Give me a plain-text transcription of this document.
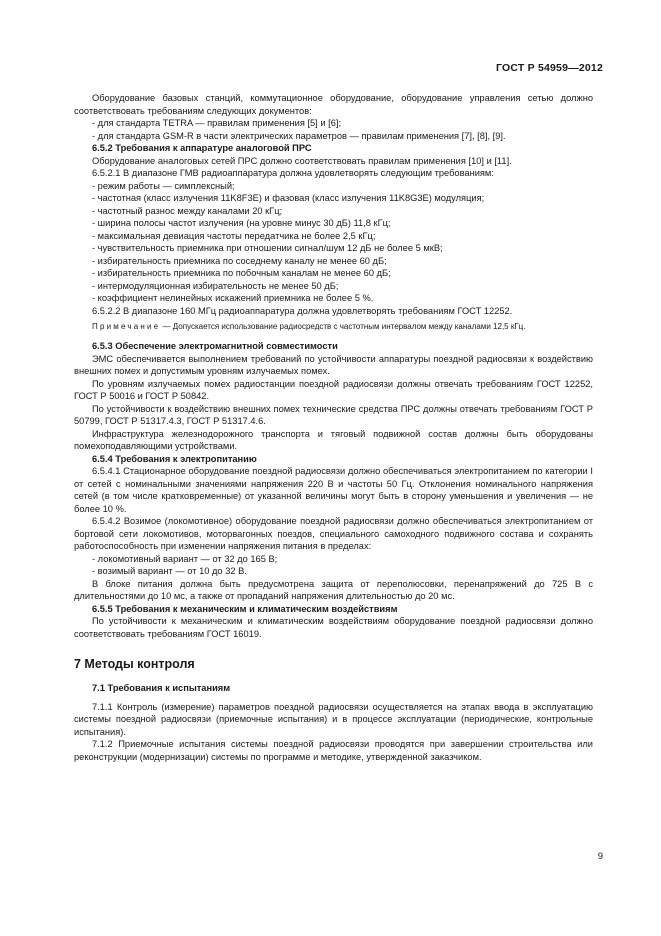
ГОСТ Р 54959—2012

Оборудование базовых станций, коммутационное оборудование, оборудование управления сетью должно соответствовать требованиям следующих документов:

- для стандарта TETRA — правилам применения [5] и [6];

- для стандарта GSM-R в части электрических параметров — правилам применения [7], [8], [9].

6.5.2 Требования к аппаратуре аналоговой ПРС

Оборудование аналоговых сетей ПРС должно соответствовать правилам применения [10] и [11].

6.5.2.1 В диапазоне ГМВ радиоаппаратура должна удовлетворять следующим требованиям:

- режим работы — симплексный;

- частотная (класс излучения 11K8F3E) и фазовая (класс излучения 11K8G3E) модуляция;

- частотный разнос между каналами 20 кГц;

- ширина полосы частот излучения (на уровне минус 30 дБ) 11,8 кГц;

- максимальная девиация частоты передатчика не более 2,5 кГц;

- чувствительность приемника при отношении сигнал/шум 12 дБ не более 5 мкВ;

- избирательность приемника по соседнему каналу не менее 60 дБ;

- избирательность приемника по побочным каналам не менее 60 дБ;

- интермодуляционная избирательность не менее 50 дБ;

- коэффициент нелинейных искажений приемника не более 5 %.

6.5.2.2 В диапазоне 160 МГц радиоаппаратура должна удовлетворять требованиям ГОСТ 12252.

Примечание — Допускается использование радиосредств с частотным интервалом между каналами 12,5 кГц.

6.5.3 Обеспечение электромагнитной совместимости

ЭМС обеспечивается выполнением требований по устойчивости аппаратуры поездной радиосвязи к воздействию внешних помех и допустимым уровням излучаемых помех.

По уровням излучаемых помех радиостанции поездной радиосвязи должны отвечать требованиям ГОСТ 12252, ГОСТ Р 50016 и ГОСТ Р 50842.

По устойчивости к воздействию внешних помех технические средства ПРС должны отвечать требованиям ГОСТ Р 50799, ГОСТ Р 51317.4.3, ГОСТ Р 51317.4.6.

Инфраструктура железнодорожного транспорта и тяговый подвижной состав должны быть оборудованы помехоподавляющими устройствами.

6.5.4 Требования к электропитанию

6.5.4.1 Стационарное оборудование поездной радиосвязи должно обеспечиваться электропитанием по категории I от сетей с номинальными значениями напряжения 220 В и частоты 50 Гц. Отклонения номинального напряжения сетей (в том числе кратковременные) от указанной величины могут быть в сторону уменьшения и увеличения — не более 10 %.

6.5.4.2 Возимое (локомотивное) оборудование поездной радиосвязи должно обеспечиваться электропитанием от бортовой сети локомотивов, моторвагонных поездов, специального самоходного подвижного состава и сохранять работоспособность при изменении напряжения питания в пределах:

- локомотивный вариант — от 32 до 165 В;

- возимый вариант — от 10 до 32 В.

В блоке питания должна быть предусмотрена защита от переполюсовки, перенапряжений до 725 В с длительностями до 10 мс, а также от пропаданий напряжения длительностью до 20 мс.

6.5.5 Требования к механическим и климатическим воздействиям

По устойчивости к механическим и климатическим воздействиям оборудование поездной радиосвязи должно соответствовать требованиям ГОСТ 16019.

7 Методы контроля

7.1 Требования к испытаниям

7.1.1 Контроль (измерение) параметров поездной радиосвязи осуществляется на этапах ввода в эксплуатацию системы поездной радиосвязи (приемочные испытания) и в процессе эксплуатации (периодические, контрольные испытания).

7.1.2 Приемочные испытания системы поездной радиосвязи проводятся при завершении строительства или реконструкции (модернизации) системы по программе и методике, утвержденной заказчиком.

9
